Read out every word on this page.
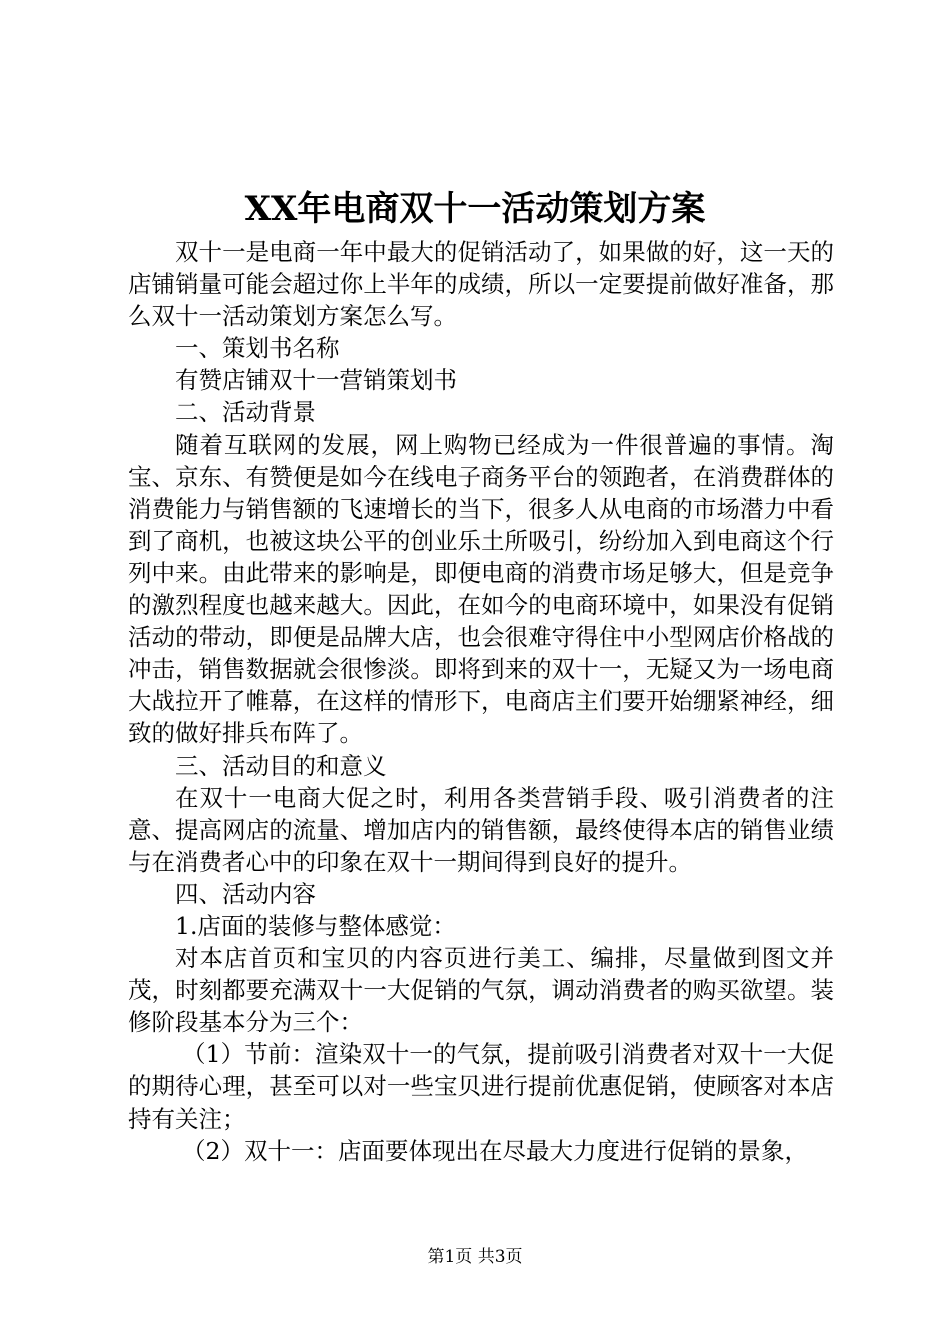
XX年电商双十一活动策划方案

双十一是电商一年中最大的促销活动了，如果做的好，这一天的店铺销量可能会超过你上半年的成绩，所以一定要提前做好准备，那么双十一活动策划方案怎么写。

一、策划书名称

有赞店铺双十一营销策划书

二、活动背景

随着互联网的发展，网上购物已经成为一件很普遍的事情。淘宝、京东、有赞便是如今在线电子商务平台的领跑者，在消费群体的消费能力与销售额的飞速增长的当下，很多人从电商的市场潜力中看到了商机，也被这块公平的创业乐土所吸引，纷纷加入到电商这个行列中来。由此带来的影响是，即便电商的消费市场足够大，但是竞争的激烈程度也越来越大。因此，在如今的电商环境中，如果没有促销活动的带动，即便是品牌大店，也会很难守得住中小型网店价格战的冲击，销售数据就会很惨淡。即将到来的双十一，无疑又为一场电商大战拉开了帷幕，在这样的情形下，电商店主们要开始绷紧神经，细致的做好排兵布阵了。

三、活动目的和意义

在双十一电商大促之时，利用各类营销手段、吸引消费者的注意、提高网店的流量、增加店内的销售额，最终使得本店的销售业绩与在消费者心中的印象在双十一期间得到良好的提升。

四、活动内容

1.店面的装修与整体感觉：

对本店首页和宝贝的内容页进行美工、编排，尽量做到图文并茂，时刻都要充满双十一大促销的气氛，调动消费者的购买欲望。装修阶段基本分为三个：

（1）节前：渲染双十一的气氛，提前吸引消费者对双十一大促的期待心理，甚至可以对一些宝贝进行提前优惠促销，使顾客对本店持有关注；

（2）双十一：店面要体现出在尽最大力度进行促销的景象，

第1页 共3页
